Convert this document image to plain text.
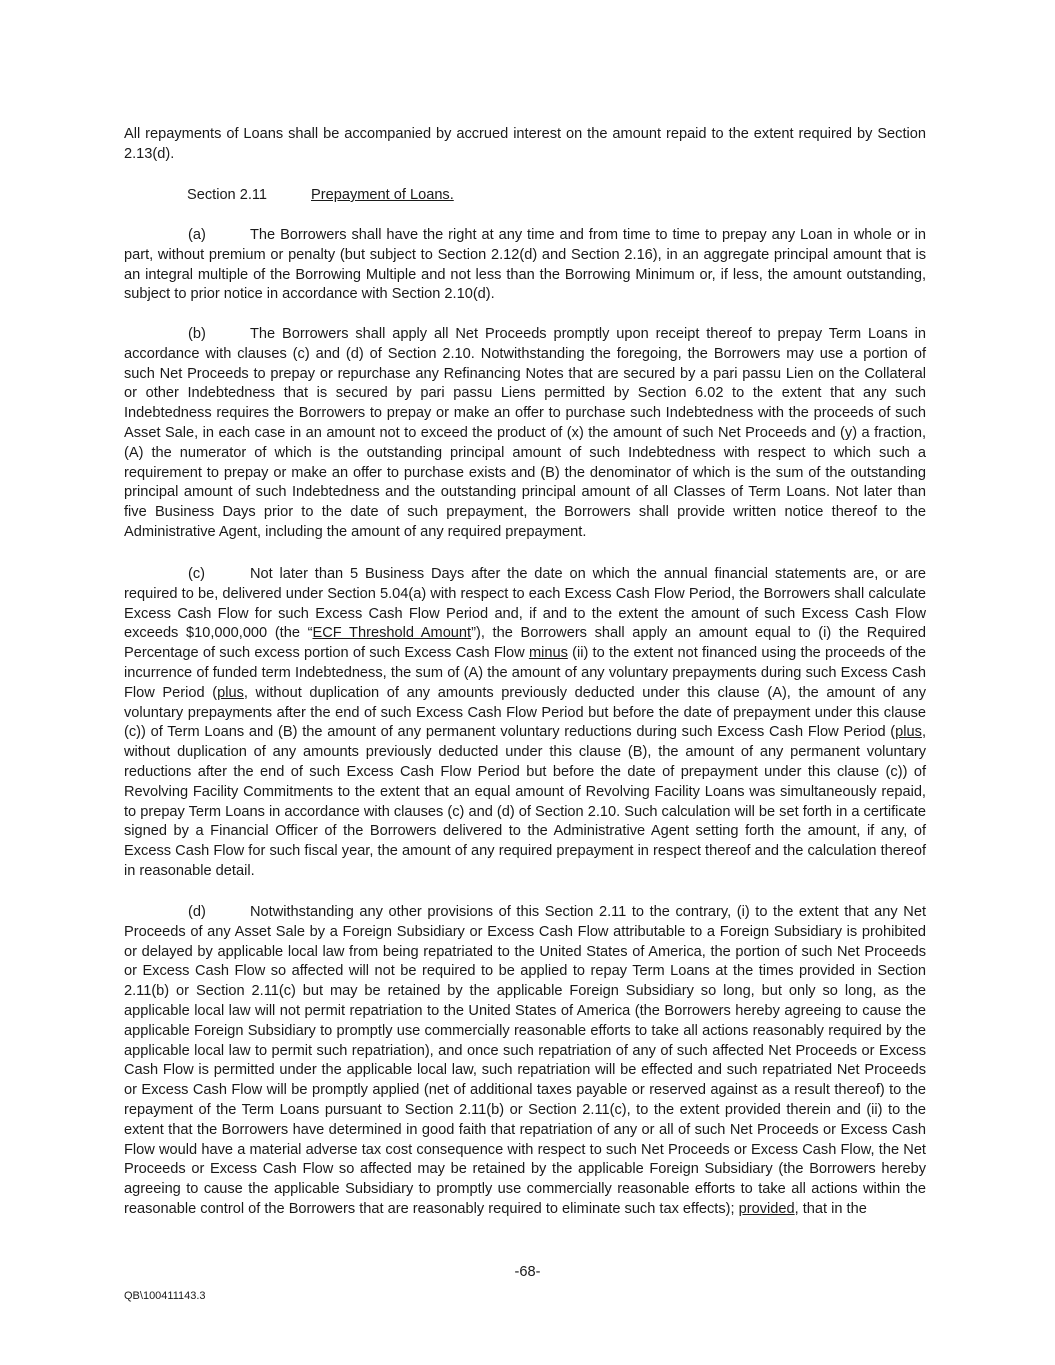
All repayments of Loans shall be accompanied by accrued interest on the amount repaid to the extent required by Section 2.13(d).

Section 2.11	Prepayment of Loans.

(a)	The Borrowers shall have the right at any time and from time to time to prepay any Loan in whole or in part, without premium or penalty (but subject to Section 2.12(d) and Section 2.16), in an aggregate principal amount that is an integral multiple of the Borrowing Multiple and not less than the Borrowing Minimum or, if less, the amount outstanding, subject to prior notice in accordance with Section 2.10(d).

(b)	The Borrowers shall apply all Net Proceeds promptly upon receipt thereof to prepay Term Loans in accordance with clauses (c) and (d) of Section 2.10. Notwithstanding the foregoing, the Borrowers may use a portion of such Net Proceeds to prepay or repurchase any Refinancing Notes that are secured by a pari passu Lien on the Collateral or other Indebtedness that is secured by pari passu Liens permitted by Section 6.02 to the extent that any such Indebtedness requires the Borrowers to prepay or make an offer to purchase such Indebtedness with the proceeds of such Asset Sale, in each case in an amount not to exceed the product of (x) the amount of such Net Proceeds and (y) a fraction, (A) the numerator of which is the outstanding principal amount of such Indebtedness with respect to which such a requirement to prepay or make an offer to purchase exists and (B) the denominator of which is the sum of the outstanding principal amount of such Indebtedness and the outstanding principal amount of all Classes of Term Loans. Not later than five Business Days prior to the date of such prepayment, the Borrowers shall provide written notice thereof to the Administrative Agent, including the amount of any required prepayment.

(c)	Not later than 5 Business Days after the date on which the annual financial statements are, or are required to be, delivered under Section 5.04(a) with respect to each Excess Cash Flow Period, the Borrowers shall calculate Excess Cash Flow for such Excess Cash Flow Period and, if and to the extent the amount of such Excess Cash Flow exceeds $10,000,000 (the “ECF Threshold Amount”), the Borrowers shall apply an amount equal to (i) the Required Percentage of such excess portion of such Excess Cash Flow minus (ii) to the extent not financed using the proceeds of the incurrence of funded term Indebtedness, the sum of (A) the amount of any voluntary prepayments during such Excess Cash Flow Period (plus, without duplication of any amounts previously deducted under this clause (A), the amount of any voluntary prepayments after the end of such Excess Cash Flow Period but before the date of prepayment under this clause (c)) of Term Loans and (B) the amount of any permanent voluntary reductions during such Excess Cash Flow Period (plus, without duplication of any amounts previously deducted under this clause (B), the amount of any permanent voluntary reductions after the end of such Excess Cash Flow Period but before the date of prepayment under this clause (c)) of Revolving Facility Commitments to the extent that an equal amount of Revolving Facility Loans was simultaneously repaid, to prepay Term Loans in accordance with clauses (c) and (d) of Section 2.10. Such calculation will be set forth in a certificate signed by a Financial Officer of the Borrowers delivered to the Administrative Agent setting forth the amount, if any, of Excess Cash Flow for such fiscal year, the amount of any required prepayment in respect thereof and the calculation thereof in reasonable detail.

(d)	Notwithstanding any other provisions of this Section 2.11 to the contrary, (i) to the extent that any Net Proceeds of any Asset Sale by a Foreign Subsidiary or Excess Cash Flow attributable to a Foreign Subsidiary is prohibited or delayed by applicable local law from being repatriated to the United States of America, the portion of such Net Proceeds or Excess Cash Flow so affected will not be required to be applied to repay Term Loans at the times provided in Section 2.11(b) or Section 2.11(c) but may be retained by the applicable Foreign Subsidiary so long, but only so long, as the applicable local law will not permit repatriation to the United States of America (the Borrowers hereby agreeing to cause the applicable Foreign Subsidiary to promptly use commercially reasonable efforts to take all actions reasonably required by the applicable local law to permit such repatriation), and once such repatriation of any of such affected Net Proceeds or Excess Cash Flow is permitted under the applicable local law, such repatriation will be effected and such repatriated Net Proceeds or Excess Cash Flow will be promptly applied (net of additional taxes payable or reserved against as a result thereof) to the repayment of the Term Loans pursuant to Section 2.11(b) or Section 2.11(c), to the extent provided therein and (ii) to the extent that the Borrowers have determined in good faith that repatriation of any or all of such Net Proceeds or Excess Cash Flow would have a material adverse tax cost consequence with respect to such Net Proceeds or Excess Cash Flow, the Net Proceeds or Excess Cash Flow so affected may be retained by the applicable Foreign Subsidiary (the Borrowers hereby agreeing to cause the applicable Subsidiary to promptly use commercially reasonable efforts to take all actions within the reasonable control of the Borrowers that are reasonably required to eliminate such tax effects); provided, that in the

-68-
QB\100411143.3
